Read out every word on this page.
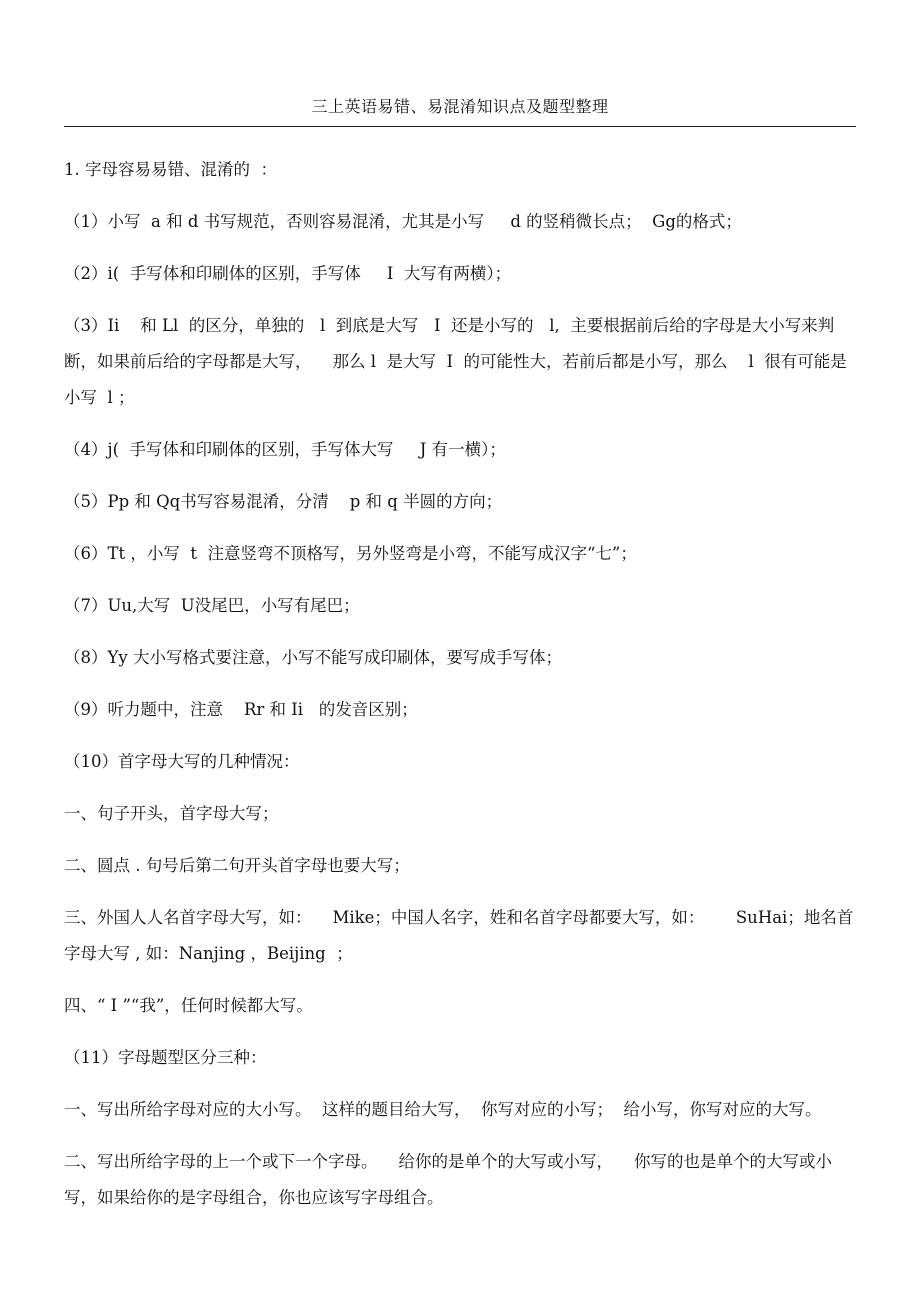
三上英语易错、易混淆知识点及题型整理

1. 字母容易易错、混淆的  ：

（1）小写  a 和 d 书写规范，否则容易混淆，尤其是小写     d 的竖稍微长点；  Gg的格式；

（2）i(  手写体和印刷体的区别，手写体     I  大写有两横）；

（3）Ii    和 Ll  的区分，单独的   l  到底是大写   I  还是小写的   l,  主要根据前后给的字母是大小写来判断，如果前后给的字母都是大写，    那么 l  是大写  I  的可能性大，若前后都是小写，那么    l  很有可能是小写  l ；

（4）j(  手写体和印刷体的区别，手写体大写     J 有一横）；

（5）Pp 和 Qq书写容易混淆，分清    p 和 q 半圆的方向；

（6）Tt ，小写  t  注意竖弯不顶格写，另外竖弯是小弯，不能写成汉字“七”；

（7）Uu,大写  U没尾巴，小写有尾巴；

（8）Yy 大小写格式要注意，小写不能写成印刷体，要写成手写体；

（9）听力题中，注意    Rr 和 Ii   的发音区别；

（10）首字母大写的几种情况：

一、句子开头，首字母大写；

二、圆点 . 句号后第二句开头首字母也要大写；

三、外国人人名首字母大写，如：    Mike；中国人名字，姓和名首字母都要大写，如：      SuHai；地名首字母大写 , 如：Nanjing ，Beijing  ；

四、“ I ”“我”，任何时候都大写。

（11）字母题型区分三种：

一、写出所给字母对应的大小写。  这样的题目给大写，  你写对应的小写；  给小写，你写对应的大写。

二、写出所给字母的上一个或下一个字母。    给你的是单个的大写或小写，    你写的也是单个的大写或小写，如果给你的是字母组合，你也应该写字母组合。
